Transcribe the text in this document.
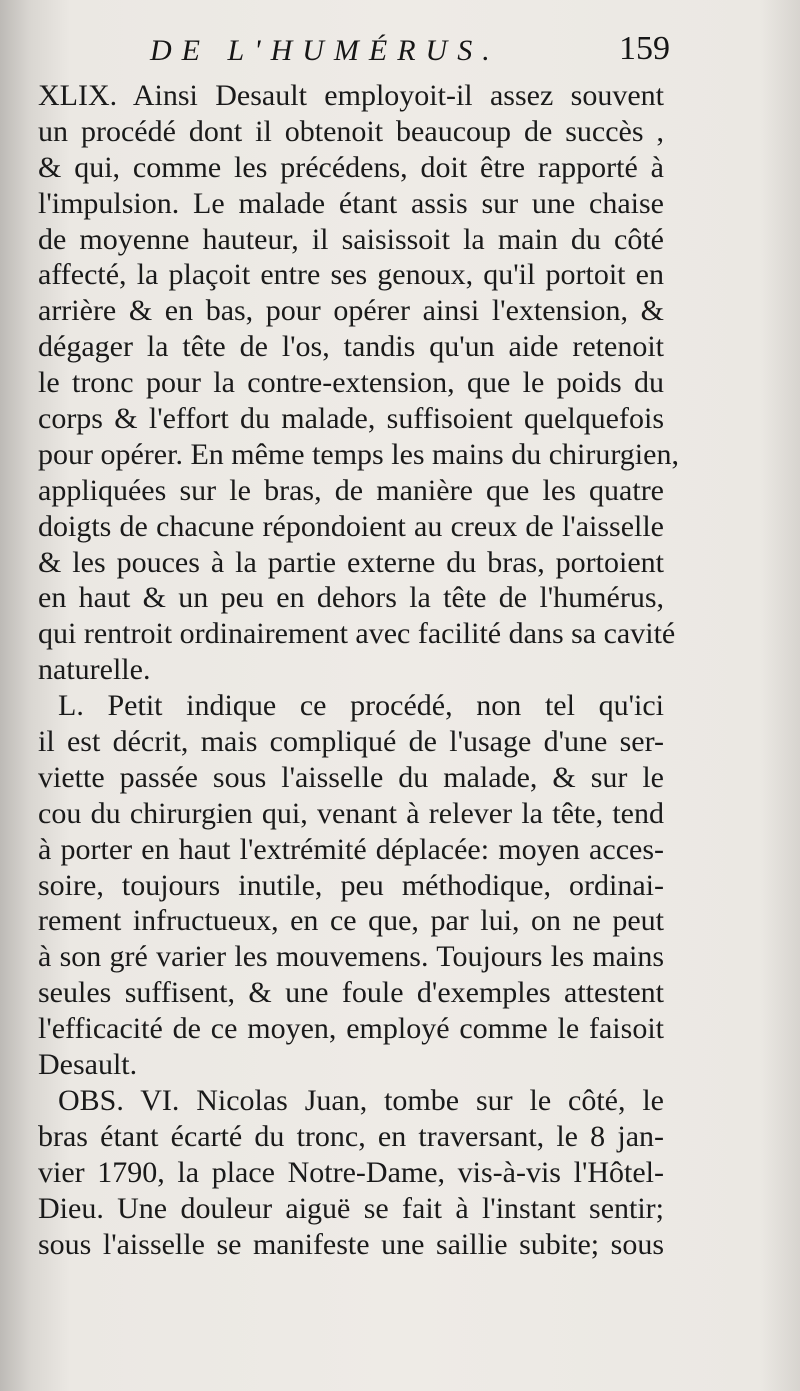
DE L'HUMÉRUS.	159
XLIX. Ainsi Desault employoit-il assez souvent
un procédé dont il obtenoit beaucoup de succès ,
& qui, comme les précédens, doit être rapporté à
l'impulsion. Le malade étant assis sur une chaise
de moyenne hauteur, il saisissoit la main du côté
affecté, la plaçoit entre ses genoux, qu'il portoit en
arrière & en bas, pour opérer ainsi l'extension, &
dégager la tête de l'os, tandis qu'un aide retenoit
le tronc pour la contre-extension, que le poids du
corps & l'effort du malade, suffisoient quelquefois
pour opérer. En même temps les mains du chirurgien,
appliquées sur le bras, de manière que les quatre
doigts de chacune répondoient au creux de l'aisselle
& les pouces à la partie externe du bras, portoient
en haut & un peu en dehors la tête de l'humérus,
qui rentroit ordinairement avec facilité dans sa cavité
naturelle.
L. Petit indique ce procédé, non tel qu'ici
il est décrit, mais compliqué de l'usage d'une ser-
viette passée sous l'aisselle du malade, & sur le
cou du chirurgien qui, venant à relever la tête, tend
à porter en haut l'extrémité déplacée: moyen acces-
soire, toujours inutile, peu méthodique, ordinai-
rement infructueux, en ce que, par lui, on ne peut
à son gré varier les mouvemens. Toujours les mains
seules suffisent, & une foule d'exemples attestent
l'efficacité de ce moyen, employé comme le faisoit
Desault.
OBS. VI. Nicolas Juan, tombe sur le côté, le
bras étant écarté du tronc, en traversant, le 8 jan-
vier 1790, la place Notre-Dame, vis-à-vis l'Hôtel-
Dieu. Une douleur aiguë se fait à l'instant sentir;
sous l'aisselle se manifeste une saillie subite; sous
